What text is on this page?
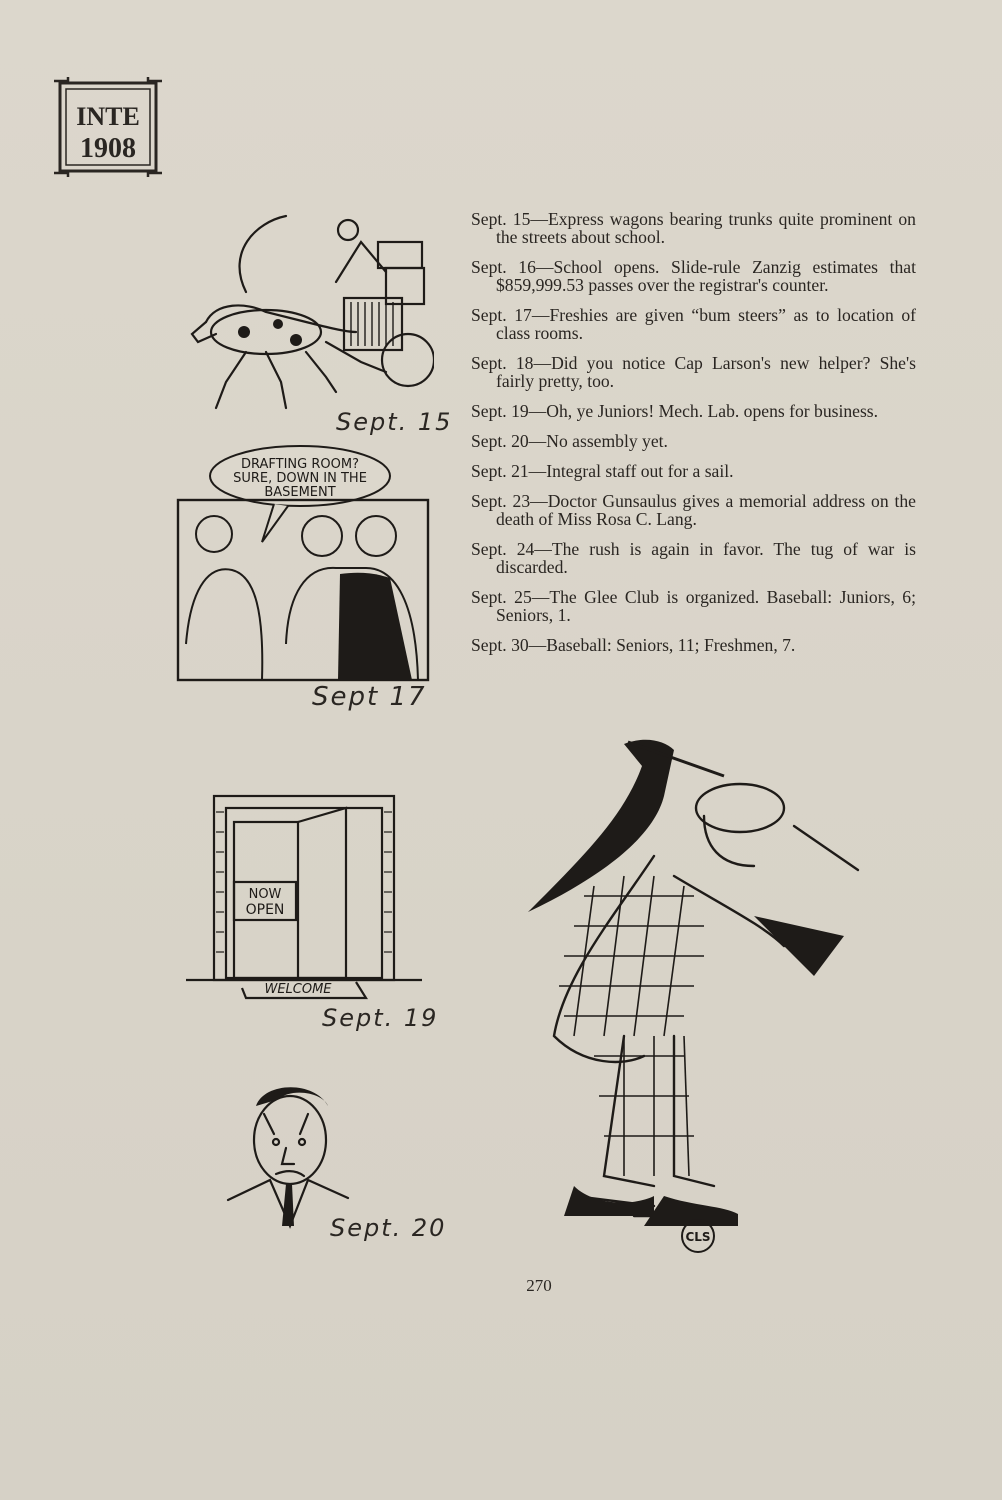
INTE
1908
Sept. 15
DRAFTING ROOM?
SURE, DOWN IN THE
BASEMENT
Sept 17
NOW
OPEN
WELCOME
Sept. 19
Sept. 20	CLS

Sept. 15—Express wagons bearing trunks quite prominent on the streets about school.

Sept. 16—School opens. Slide-rule Zanzig estimates that $859,999.53 passes over the registrar's counter.

Sept. 17—Freshies are given “bum steers” as to location of class rooms.

Sept. 18—Did you notice Cap Larson's new helper? She's fairly pretty, too.

Sept. 19—Oh, ye Juniors! Mech. Lab. opens for business.

Sept. 20—No assembly yet.

Sept. 21—Integral staff out for a sail.

Sept. 23—Doctor Gunsaulus gives a memorial address on the death of Miss Rosa C. Lang.

Sept. 24—The rush is again in favor. The tug of war is discarded.

Sept. 25—The Glee Club is organized. Baseball: Juniors, 6; Seniors, 1.

Sept. 30—Baseball: Seniors, 11; Freshmen, 7.

270
